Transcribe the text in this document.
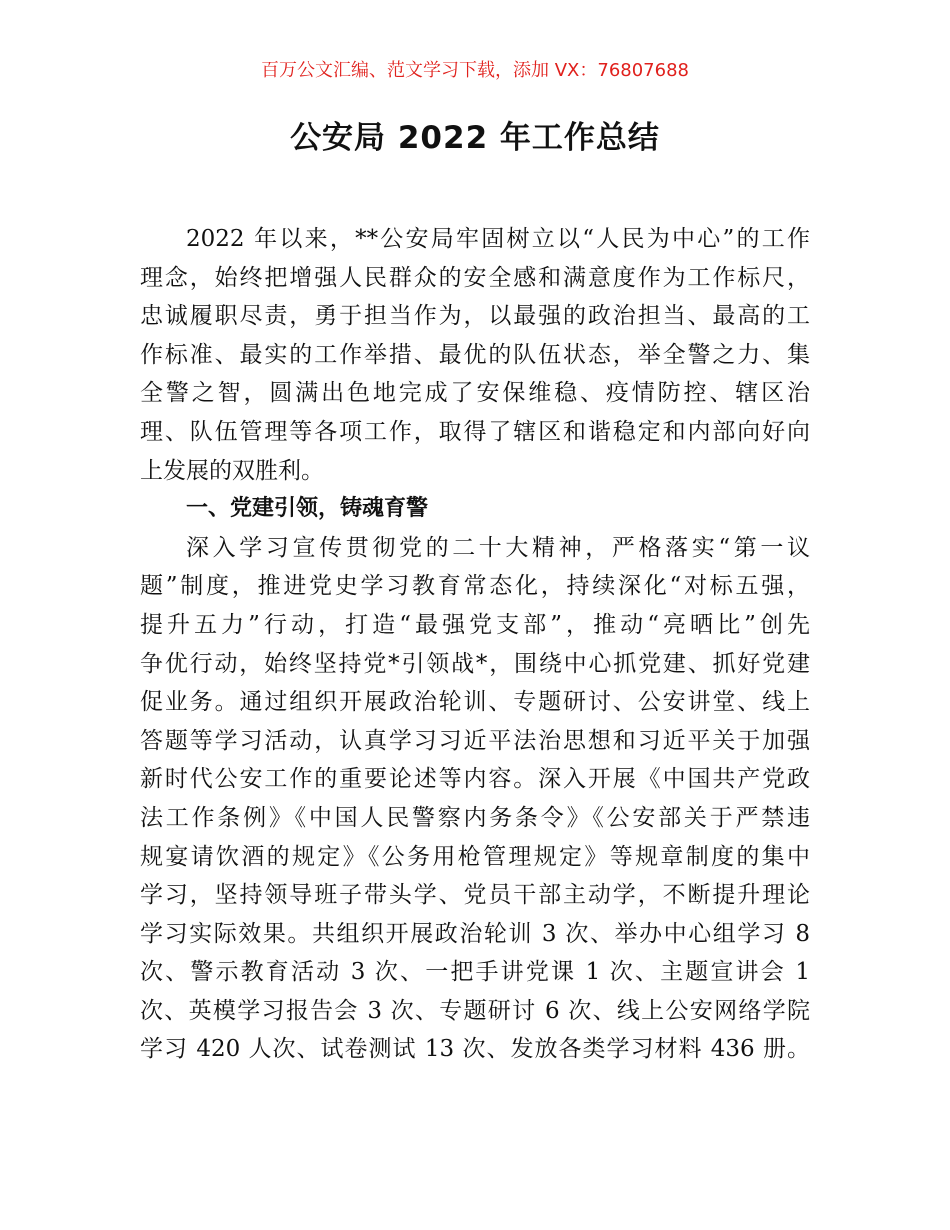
百万公文汇编、范文学习下载，添加 VX：76807688
公安局 2022 年工作总结
2022 年以来，**公安局牢固树立以“人民为中心”的工作
理念，始终把增强人民群众的安全感和满意度作为工作标尺，
忠诚履职尽责，勇于担当作为，以最强的政治担当、最高的工
作标准、最实的工作举措、最优的队伍状态，举全警之力、集
全警之智，圆满出色地完成了安保维稳、疫情防控、辖区治
理、队伍管理等各项工作，取得了辖区和谐稳定和内部向好向
上发展的双胜利。
一、党建引领，铸魂育警
深入学习宣传贯彻党的二十大精神，严格落实“第一议
题”制度，推进党史学习教育常态化，持续深化“对标五强，
提升五力”行动，打造“最强党支部”，推动“亮晒比”创先
争优行动，始终坚持党*引领战*，围绕中心抓党建、抓好党建
促业务。通过组织开展政治轮训、专题研讨、公安讲堂、线上
答题等学习活动，认真学习习近平法治思想和习近平关于加强
新时代公安工作的重要论述等内容。深入开展《中国共产党政
法工作条例》《中国人民警察内务条令》《公安部关于严禁违
规宴请饮酒的规定》《公务用枪管理规定》等规章制度的集中
学习，坚持领导班子带头学、党员干部主动学，不断提升理论
学习实际效果。共组织开展政治轮训 3 次、举办中心组学习 8
次、警示教育活动 3 次、一把手讲党课 1 次、主题宣讲会 1
次、英模学习报告会 3 次、专题研讨 6 次、线上公安网络学院
学习 420 人次、试卷测试 13 次、发放各类学习材料 436 册。
